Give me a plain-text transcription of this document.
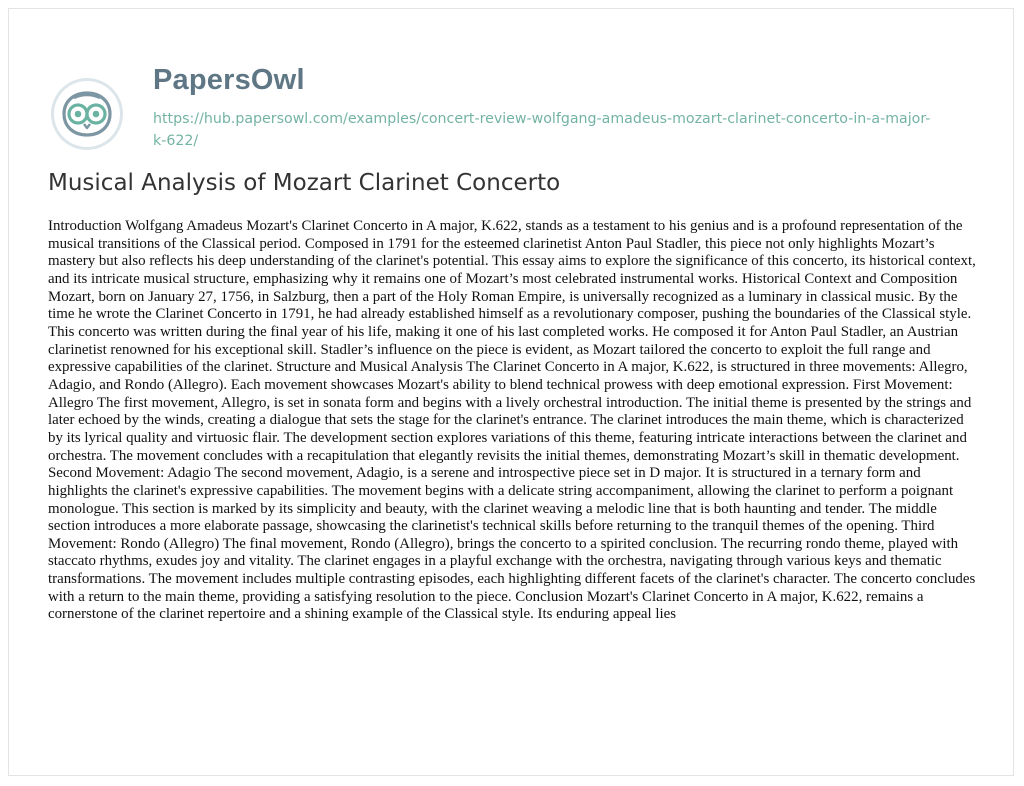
PapersOwl
https://hub.papersowl.com/examples/concert-review-wolfgang-amadeus-mozart-clarinet-concerto-in-a-major-k-622/
Musical Analysis of Mozart Clarinet Concerto

Introduction Wolfgang Amadeus Mozart's Clarinet Concerto in A major, K.622, stands as a testament to his genius and is a profound representation of the musical transitions of the Classical period. Composed in 1791 for the esteemed clarinetist Anton Paul Stadler, this piece not only highlights Mozart’s mastery but also reflects his deep understanding of the clarinet's potential. This essay aims to explore the significance of this concerto, its historical context, and its intricate musical structure, emphasizing why it remains one of Mozart’s most celebrated instrumental works. Historical Context and Composition Mozart, born on January 27, 1756, in Salzburg, then a part of the Holy Roman Empire, is universally recognized as a luminary in classical music. By the time he wrote the Clarinet Concerto in 1791, he had already established himself as a revolutionary composer, pushing the boundaries of the Classical style. This concerto was written during the final year of his life, making it one of his last completed works. He composed it for Anton Paul Stadler, an Austrian clarinetist renowned for his exceptional skill. Stadler’s influence on the piece is evident, as Mozart tailored the concerto to exploit the full range and expressive capabilities of the clarinet. Structure and Musical Analysis The Clarinet Concerto in A major, K.622, is structured in three movements: Allegro, Adagio, and Rondo (Allegro). Each movement showcases Mozart's ability to blend technical prowess with deep emotional expression. First Movement: Allegro The first movement, Allegro, is set in sonata form and begins with a lively orchestral introduction. The initial theme is presented by the strings and later echoed by the winds, creating a dialogue that sets the stage for the clarinet's entrance. The clarinet introduces the main theme, which is characterized by its lyrical quality and virtuosic flair. The development section explores variations of this theme, featuring intricate interactions between the clarinet and orchestra. The movement concludes with a recapitulation that elegantly revisits the initial themes, demonstrating Mozart’s skill in thematic development. Second Movement: Adagio The second movement, Adagio, is a serene and introspective piece set in D major. It is structured in a ternary form and highlights the clarinet's expressive capabilities. The movement begins with a delicate string accompaniment, allowing the clarinet to perform a poignant monologue. This section is marked by its simplicity and beauty, with the clarinet weaving a melodic line that is both haunting and tender. The middle section introduces a more elaborate passage, showcasing the clarinetist's technical skills before returning to the tranquil themes of the opening. Third Movement: Rondo (Allegro) The final movement, Rondo (Allegro), brings the concerto to a spirited conclusion. The recurring rondo theme, played with staccato rhythms, exudes joy and vitality. The clarinet engages in a playful exchange with the orchestra, navigating through various keys and thematic transformations. The movement includes multiple contrasting episodes, each highlighting different facets of the clarinet's character. The concerto concludes with a return to the main theme, providing a satisfying resolution to the piece. Conclusion Mozart's Clarinet Concerto in A major, K.622, remains a cornerstone of the clarinet repertoire and a shining example of the Classical style. Its enduring appeal lies
